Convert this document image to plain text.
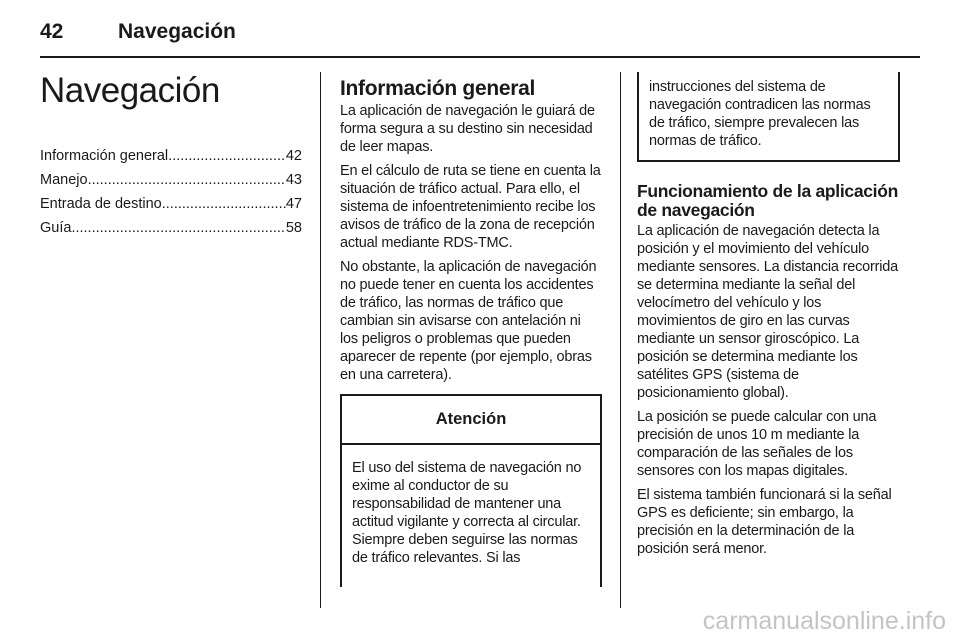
42	Navegación
Navegación
Información general .....	42
Manejo .....	43
Entrada de destino .....	47
Guía .....	58
Información general

La aplicación de navegación le guiará de forma segura a su destino sin necesidad de leer mapas.

En el cálculo de ruta se tiene en cuenta la situación de tráfico actual. Para ello, el sistema de infoentretenimiento recibe los avisos de tráfico de la zona de recepción actual mediante RDS-TMC.

No obstante, la aplicación de navegación no puede tener en cuenta los accidentes de tráfico, las normas de tráfico que cambian sin avisarse con antelación ni los peligros o problemas que pueden aparecer de repente (por ejemplo, obras en una carretera).

Atención

El uso del sistema de navegación no exime al conductor de su responsabilidad de mantener una actitud vigilante y correcta al circular. Siempre deben seguirse las normas de tráfico relevantes. Si las

instrucciones del sistema de navegación contradicen las normas de tráfico, siempre prevalecen las normas de tráfico.

Funcionamiento de la aplicación de navegación

La aplicación de navegación detecta la posición y el movimiento del vehículo mediante sensores. La distancia recorrida se determina mediante la señal del velocímetro del vehículo y los movimientos de giro en las curvas mediante un sensor giroscópico. La posición se determina mediante los satélites GPS (sistema de posicionamiento global).

La posición se puede calcular con una precisión de unos 10 m mediante la comparación de las señales de los sensores con los mapas digitales.

El sistema también funcionará si la señal GPS es deficiente; sin embargo, la precisión en la determinación de la posición será menor.

carmanualsonline.info
